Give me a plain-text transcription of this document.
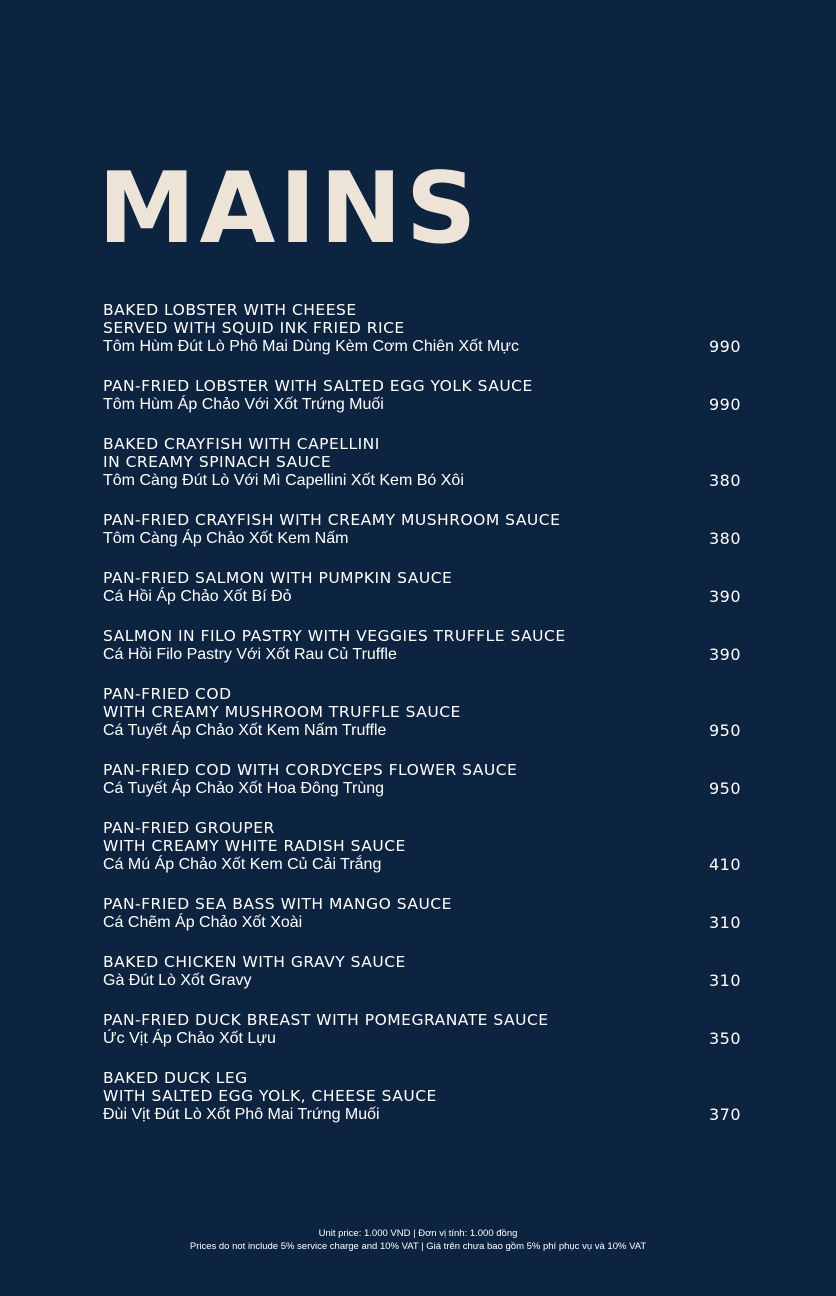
MAINS
BAKED LOBSTER WITH CHEESE
SERVED WITH SQUID INK FRIED RICE
Tôm Hùm Đút Lò Phô Mai Dùng Kèm Cơm Chiên Xốt Mực	990
PAN-FRIED LOBSTER WITH SALTED EGG YOLK SAUCE
Tôm Hùm Áp Chảo Với Xốt Trứng Muối	990
BAKED CRAYFISH WITH CAPELLINI
IN CREAMY SPINACH SAUCE
Tôm Càng Đút Lò Với Mì Capellini Xốt Kem Bó Xôi	380
PAN-FRIED CRAYFISH WITH CREAMY MUSHROOM SAUCE
Tôm Càng Áp Chảo Xốt Kem Nấm	380
PAN-FRIED SALMON WITH PUMPKIN SAUCE
Cá Hồi Áp Chảo Xốt Bí Đỏ	390
SALMON IN FILO PASTRY WITH VEGGIES TRUFFLE SAUCE
Cá Hồi Filo Pastry Với Xốt Rau Củ Truffle	390
PAN-FRIED COD
WITH CREAMY MUSHROOM TRUFFLE SAUCE
Cá Tuyết Áp Chảo Xốt Kem Nấm Truffle	950
PAN-FRIED COD WITH CORDYCEPS FLOWER SAUCE
Cá Tuyết Áp Chảo Xốt Hoa Đông Trùng	950
PAN-FRIED GROUPER
WITH CREAMY WHITE RADISH SAUCE
Cá Mú Áp Chảo Xốt Kem Củ Cải Trắng	410
PAN-FRIED SEA BASS WITH MANGO SAUCE
Cá Chẽm Áp Chảo Xốt Xoài	310
BAKED CHICKEN WITH GRAVY SAUCE
Gà Đút Lò Xốt Gravy	310
PAN-FRIED DUCK BREAST WITH POMEGRANATE SAUCE
Ức Vịt Áp Chảo Xốt Lựu	350
BAKED DUCK LEG
WITH SALTED EGG YOLK, CHEESE SAUCE
Đùi Vịt Đút Lò Xốt Phô Mai Trứng Muối	370
Unit price: 1.000 VND | Đơn vị tính: 1.000 đồng
Prices do not include 5% service charge and 10% VAT | Giá trên chưa bao gồm 5% phí phục vụ và 10% VAT
